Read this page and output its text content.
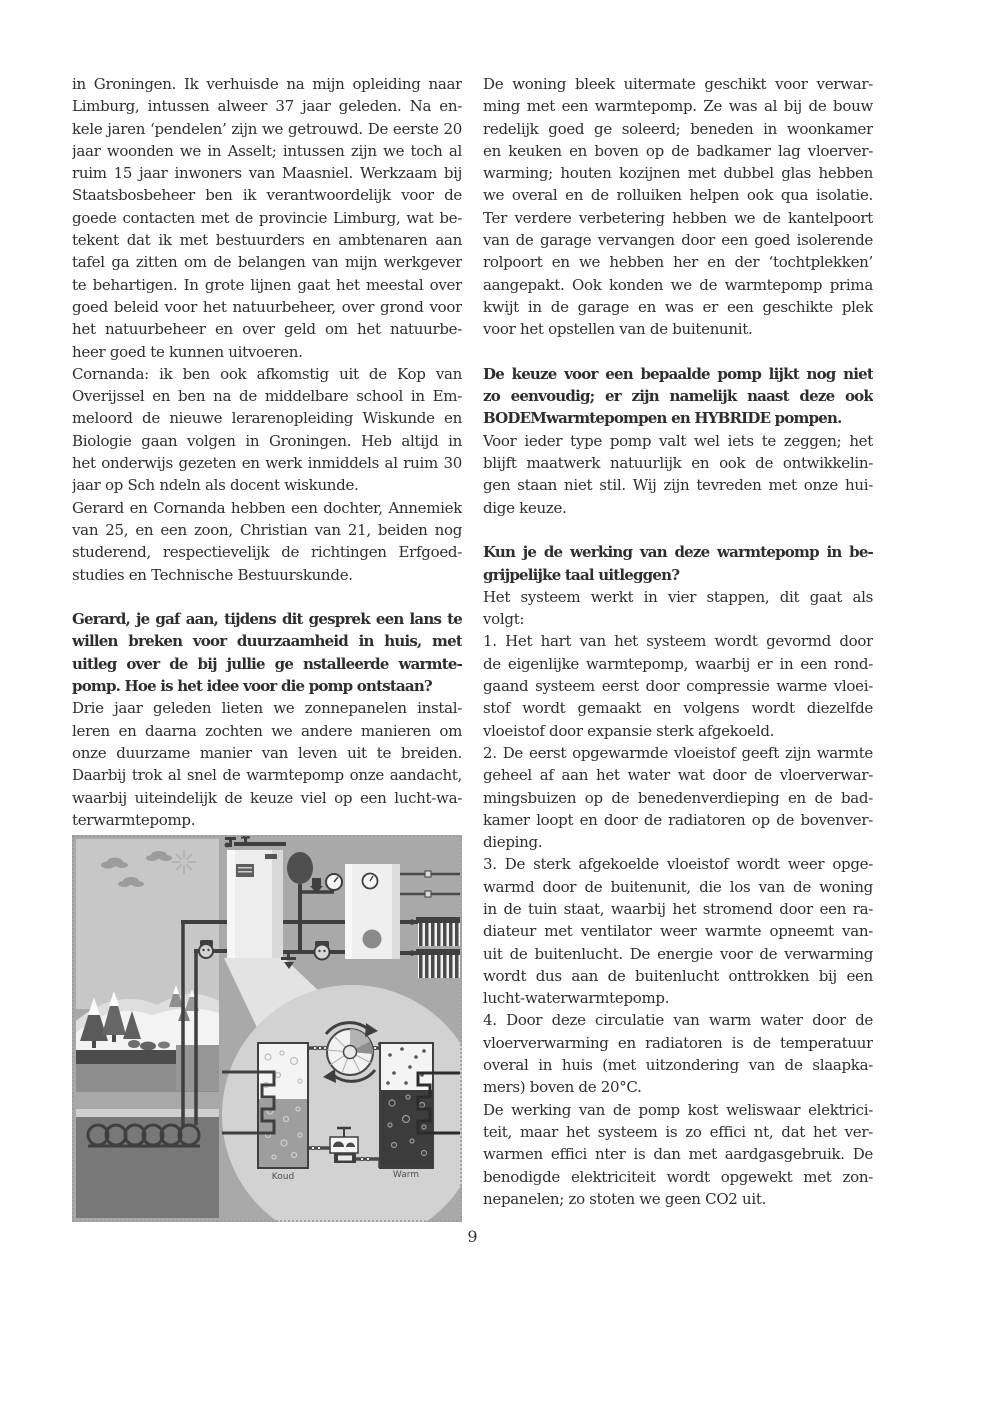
in Groningen. Ik verhuisde na mijn opleiding naar
Limburg, intussen alweer 37 jaar geleden. Na en-
kele jaren ‘pendelen’ zijn we getrouwd. De eerste 20
jaar woonden we in Asselt; intussen zijn we toch al
ruim 15 jaar inwoners van Maasniel. Werkzaam bij
Staatsbosbeheer ben ik verantwoordelijk voor de
goede contacten met de provincie Limburg, wat be-
tekent dat ik met bestuurders en ambtenaren aan
tafel ga zitten om de belangen van mijn werkgever
te behartigen. In grote lijnen gaat het meestal over
goed beleid voor het natuurbeheer, over grond voor
het natuurbeheer en over geld om het natuurbe-
heer goed te kunnen uitvoeren.
Cornanda: ik ben ook afkomstig uit de Kop van
Overijssel en ben na de middelbare school in Em-
meloord de nieuwe lerarenopleiding Wiskunde en
Biologie gaan volgen in Groningen. Heb altijd in
het onderwijs gezeten en werk inmiddels al ruim 30
jaar op Sch ndeln als docent wiskunde.
Gerard en Cornanda hebben een dochter, Annemiek
van 25, en een zoon, Christian van 21, beiden nog
studerend, respectievelijk de richtingen Erfgoed-
studies en Technische Bestuurskunde.
Gerard, je gaf aan, tijdens dit gesprek een lans te
willen breken voor duurzaamheid in huis, met
uitleg over de bij jullie ge nstalleerde warmte-
pomp. Hoe is het idee voor die pomp ontstaan?
Drie jaar geleden lieten we zonnepanelen instal-
leren en daarna zochten we andere manieren om
onze duurzame manier van leven uit te breiden.
Daarbij trok al snel de warmtepomp onze aandacht,
waarbij uiteindelijk de keuze viel op een lucht-wa-
terwarmtepomp.
De woning bleek uitermate geschikt voor verwar-
ming met een warmtepomp. Ze was al bij de bouw
redelijk goed ge soleerd; beneden in woonkamer
en keuken en boven op de badkamer lag vloerver-
warming; houten kozijnen met dubbel glas hebben
we overal en de rolluiken helpen ook qua isolatie.
Ter verdere verbetering hebben we de kantelpoort
van de garage vervangen door een goed isolerende
rolpoort en we hebben her en der ‘tochtplekken’
aangepakt. Ook konden we de warmtepomp prima
kwijt in de garage en was er een geschikte plek
voor het opstellen van de buitenunit.
De keuze voor een bepaalde pomp lijkt nog niet
zo eenvoudig; er zijn namelijk naast deze ook
BODEMwarmtepompen en HYBRIDE pompen.
Voor ieder type pomp valt wel iets te zeggen; het
blijft maatwerk natuurlijk en ook de ontwikkelin-
gen staan niet stil. Wij zijn tevreden met onze hui-
dige keuze.
Kun je de werking van deze warmtepomp in be-
grijpelijke taal uitleggen?
Het systeem werkt in vier stappen, dit gaat als
volgt:
1. Het hart van het systeem wordt gevormd door
de eigenlijke warmtepomp, waarbij er in een rond-
gaand systeem eerst door compressie warme vloei-
stof wordt gemaakt en volgens wordt diezelfde
vloeistof door expansie sterk afgekoeld.
2. De eerst opgewarmde vloeistof geeft zijn warmte
geheel af aan het water wat door de vloerverwar-
mingsbuizen op de benedenverdieping en de bad-
kamer loopt en door de radiatoren op de bovenver-
dieping.
3. De sterk afgekoelde vloeistof wordt weer opge-
warmd door de buitenunit, die los van de woning
in de tuin staat, waarbij het stromend door een ra-
diateur met ventilator weer warmte opneemt van-
uit de buitenlucht. De energie voor de verwarming
wordt dus aan de buitenlucht onttrokken bij een
lucht-waterwarmtepomp.
4. Door deze circulatie van warm water door de
vloerverwarming en radiatoren is de temperatuur
overal in huis (met uitzondering van de slaapka-
mers) boven de 20°C.
De werking van de pomp kost weliswaar elektrici-
teit, maar het systeem is zo effici nt, dat het ver-
warmen effici nter is dan met aardgasgebruik. De
benodigde elektriciteit wordt opgewekt met zon-
nepanelen; zo stoten we geen CO2 uit.
Koud	Warm
9
